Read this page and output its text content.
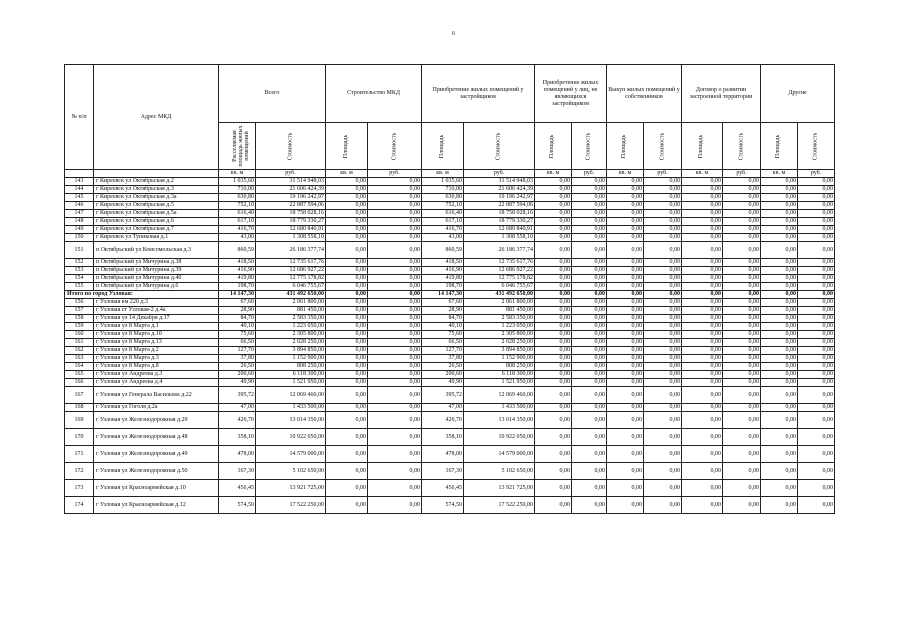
6
№ п/п	Адрес МКД	Всего		Строительство МКД		Приобретение жилых помещений у застройщиков		Приобретение жилых помещений у лиц, не являющихся застройщиком		Выкуп жилых помещений у собственников		Договор о развитии застроенной территории		Другие	
		Расселяемая площадь жилых помещений	Стоимость	Площадь	Стоимость	Площадь	Стоимость	Площадь	Стоимость	Площадь	Стоимость	Площадь	Стоимость	Площадь	Стоимость
		кв. м	руб.	кв. м	руб.	кв. м	руб.	кв. м	руб.	кв. м	руб.	кв. м	руб.	кв. м	руб.
143	г Киреевск ул Октябрьская д.2	1 035,60	31 514 948,03	0,00	0,00	1 035,60	31 514 948,03	0,00	0,00	0,00	0,00	0,00	0,00	0,00	0,00
144	г Киреевск ул Октябрьская д.3	710,00	21 606 424,39	0,00	0,00	710,00	21 606 424,39	0,00	0,00	0,00	0,00	0,00	0,00	0,00	0,00
145	г Киреевск ул Октябрьская д.3а	630,80	19 196 242,97	0,00	0,00	630,80	19 196 242,97	0,00	0,00	0,00	0,00	0,00	0,00	0,00	0,00
146	г Киреевск ул Октябрьская д.5	752,10	22 887 594,06	0,00	0,00	752,10	22 887 594,06	0,00	0,00	0,00	0,00	0,00	0,00	0,00	0,00
147	г Киреевск ул Октябрьская д.5а	616,40	18 758 028,16	0,00	0,00	616,40	18 758 028,16	0,00	0,00	0,00	0,00	0,00	0,00	0,00	0,00
148	г Киреевск ул Октябрьская д.6	617,10	18 779 330,27	0,00	0,00	617,10	18 779 330,27	0,00	0,00	0,00	0,00	0,00	0,00	0,00	0,00
149	г Киреевск ул Октябрьская д.7	416,70	12 680 840,91	0,00	0,00	416,70	12 680 840,91	0,00	0,00	0,00	0,00	0,00	0,00	0,00	0,00
150	г Киреевск ул Тупиковая д.1	43,00	1 308 558,10	0,00	0,00	43,00	1 308 558,10	0,00	0,00	0,00	0,00	0,00	0,00	0,00	0,00
151	п Октябрьский ул Комсомольская д.3	860,59	26 186 377,74	0,00	0,00	860,59	26 186 377,74	0,00	0,00	0,00	0,00	0,00	0,00	0,00	0,00
152	п Октябрьский ул Мичурина д.38	418,50	12 735 617,76	0,00	0,00	418,50	12 735 617,76	0,00	0,00	0,00	0,00	0,00	0,00	0,00	0,00
153	п Октябрьский ул Мичурина д.39	416,90	12 686 927,22	0,00	0,00	416,90	12 686 927,22	0,00	0,00	0,00	0,00	0,00	0,00	0,00	0,00
154	п Октябрьский ул Мичурина д.40	419,80	12 775 178,82	0,00	0,00	419,80	12 775 178,82	0,00	0,00	0,00	0,00	0,00	0,00	0,00	0,00
155	п Октябрьский ул Мичурина д.6	198,70	6 046 755,67	0,00	0,00	198,70	6 046 755,67	0,00	0,00	0,00	0,00	0,00	0,00	0,00	0,00
Итого по город Узловая:		14 147,30	431 492 650,00	0,00	0,00	14 147,30	431 492 650,00	0,00	0,00	0,00	0,00	0,00	0,00	0,00	0,00
156	г Узловая км 220 д.3	67,60	2 061 800,00	0,00	0,00	67,60	2 061 800,00	0,00	0,00	0,00	0,00	0,00	0,00	0,00	0,00
157	г Узловая ст Узловая-2 д.4а	28,90	881 450,00	0,00	0,00	28,90	881 450,00	0,00	0,00	0,00	0,00	0,00	0,00	0,00	0,00
158	г Узловая ул 14 Декабря д.17	84,70	2 583 350,00	0,00	0,00	84,70	2 583 350,00	0,00	0,00	0,00	0,00	0,00	0,00	0,00	0,00
159	г Узловая ул 8 Марта д.1	40,10	1 223 050,00	0,00	0,00	40,10	1 223 050,00	0,00	0,00	0,00	0,00	0,00	0,00	0,00	0,00
160	г Узловая ул 8 Марта д.10	75,60	2 305 800,00	0,00	0,00	75,60	2 305 800,00	0,00	0,00	0,00	0,00	0,00	0,00	0,00	0,00
161	г Узловая ул 8 Марта д.13	66,50	2 028 250,00	0,00	0,00	66,50	2 028 250,00	0,00	0,00	0,00	0,00	0,00	0,00	0,00	0,00
162	г Узловая ул 8 Марта д.2	127,70	3 894 850,00	0,00	0,00	127,70	3 894 850,00	0,00	0,00	0,00	0,00	0,00	0,00	0,00	0,00
163	г Узловая ул 8 Марта д.3	37,80	1 152 900,00	0,00	0,00	37,80	1 152 900,00	0,00	0,00	0,00	0,00	0,00	0,00	0,00	0,00
164	г Узловая ул 8 Марта д.8	26,50	808 250,00	0,00	0,00	26,50	808 250,00	0,00	0,00	0,00	0,00	0,00	0,00	0,00	0,00
165	г Узловая ул Андреева д.3	200,60	6 118 300,00	0,00	0,00	200,60	6 118 300,00	0,00	0,00	0,00	0,00	0,00	0,00	0,00	0,00
166	г Узловая ул Андреева д.4	49,90	1 521 950,00	0,00	0,00	49,90	1 521 950,00	0,00	0,00	0,00	0,00	0,00	0,00	0,00	0,00
167	г Узловая ул Генерала Васильева д.22	395,72	12 069 460,00	0,00	0,00	395,72	12 069 460,00	0,00	0,00	0,00	0,00	0,00	0,00	0,00	0,00
168	г Узловая ул Гоголя д.2а	47,00	1 433 500,00	0,00	0,00	47,00	1 433 500,00	0,00	0,00	0,00	0,00	0,00	0,00	0,00	0,00
169	г Узловая ул Железнодорожная д.29	426,70	13 014 350,00	0,00	0,00	426,70	13 014 350,00	0,00	0,00	0,00	0,00	0,00	0,00	0,00	0,00
170	г Узловая ул Железнодорожная д.48	358,10	10 922 050,00	0,00	0,00	358,10	10 922 050,00	0,00	0,00	0,00	0,00	0,00	0,00	0,00	0,00
171	г Узловая ул Железнодорожная д.49	478,00	14 579 000,00	0,00	0,00	478,00	14 579 000,00	0,00	0,00	0,00	0,00	0,00	0,00	0,00	0,00
172	г Узловая ул Железнодорожная д.50	167,30	5 102 650,00	0,00	0,00	167,30	5 102 650,00	0,00	0,00	0,00	0,00	0,00	0,00	0,00	0,00
173	г Узловая ул Красноармейская д.10	456,45	13 921 725,00	0,00	0,00	456,45	13 921 725,00	0,00	0,00	0,00	0,00	0,00	0,00	0,00	0,00
174	г Узловая ул Красноармейская д.12	574,50	17 522 250,00	0,00	0,00	574,50	17 522 250,00	0,00	0,00	0,00	0,00	0,00	0,00	0,00	0,00
